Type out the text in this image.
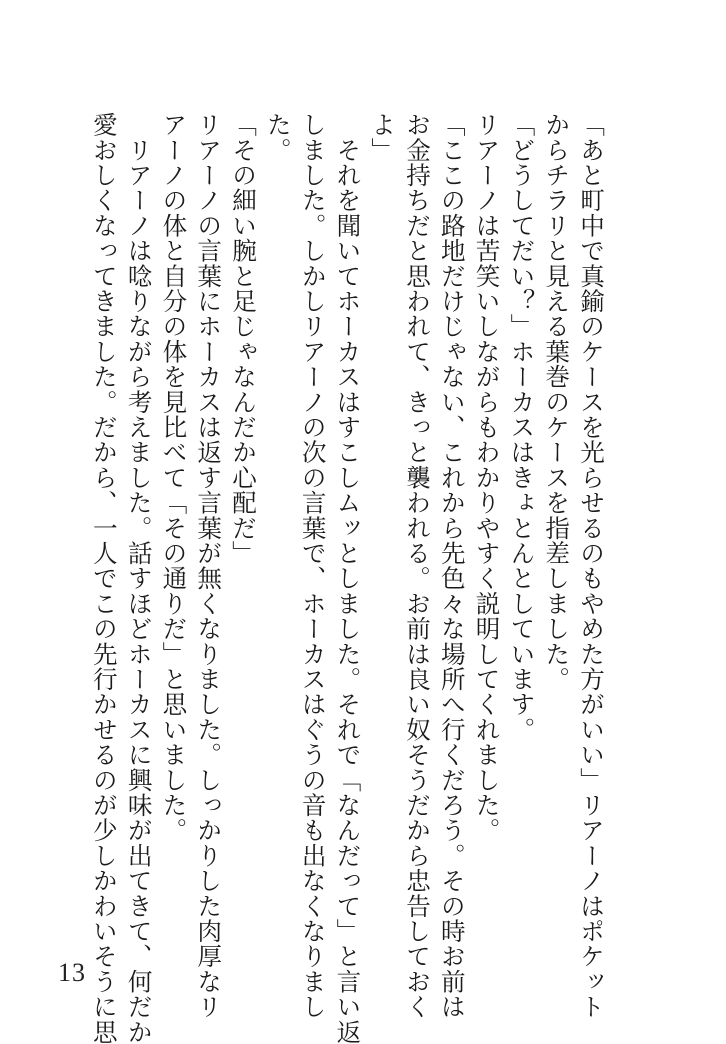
「あと町中で真鍮のケースを光らせるのもやめた方がいい」リアーノはポケット
からチラリと見える葉巻のケースを指差しました。
「どうしてだい？」ホーカスはきょとんとしています。
リアーノは苦笑いしながらもわかりやすく説明してくれました。
「ここの路地だけじゃない、これから先色々な場所へ行くだろう。その時お前は
お金持ちだと思われて、きっと襲われる。お前は良い奴そうだから忠告しておく
よ」
　それを聞いてホーカスはすこしムッとしました。それで「なんだって」と言い返
しました。しかしリアーノの次の言葉で、ホーカスはぐうの音も出なくなりまし
た。
「その細い腕と足じゃなんだか心配だ」
リアーノの言葉にホーカスは返す言葉が無くなりました。しっかりした肉厚なリ
アーノの体と自分の体を見比べて「その通りだ」と思いました。
　リアーノは唸りながら考えました。話すほどホーカスに興味が出てきて、何だか
愛おしくなってきました。だから、一人でこの先行かせるのが少しかわいそうに思
13
